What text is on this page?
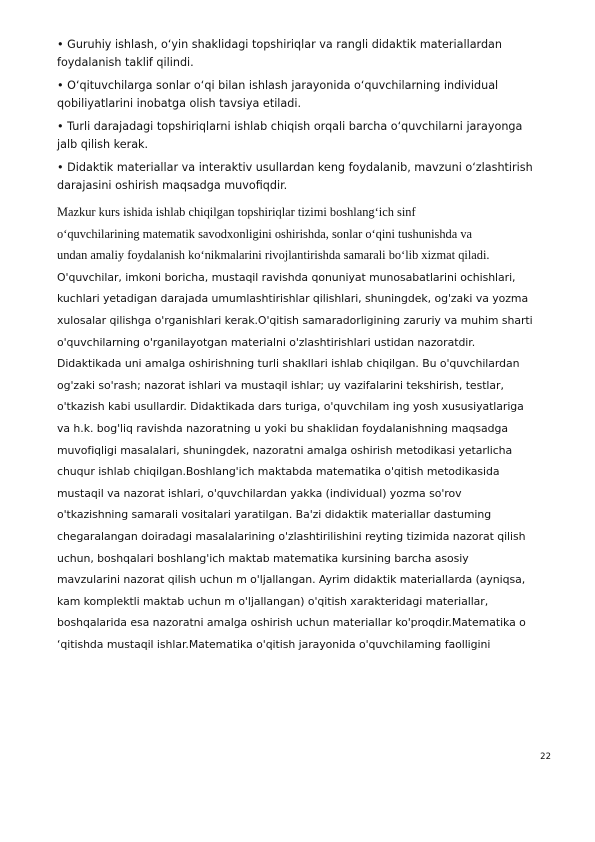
• Guruhiy ishlash, o‘yin shaklidagi topshiriqlar va rangli didaktik materiallardan
foydalanish taklif qilindi.

• O‘qituvchilarga sonlar o‘qi bilan ishlash jarayonida o‘quvchilarning individual
qobiliyatlarini inobatga olish tavsiya etiladi.

• Turli darajadagi topshiriqlarni ishlab chiqish orqali barcha o‘quvchilarni jarayonga
jalb qilish kerak.

• Didaktik materiallar va interaktiv usullardan keng foydalanib, mavzuni o‘zlashtirish
darajasini oshirish maqsadga muvofiqdir.

Mazkur kurs ishida ishlab chiqilgan topshiriqlar tizimi boshlang‘ich sinf
o‘quvchilarining matematik savodxonligini oshirishda, sonlar o‘qini tushunishda va
undan amaliy foydalanish ko‘nikmalarini rivojlantirishda samarali bo‘lib xizmat qiladi.

O'quvchilar, imkoni boricha, mustaqil ravishda qonuniyat munosabatlarini ochishlari,
kuchlari yetadigan darajada umumlashtirishlar qilishlari, shuningdek, og'zaki va yozma
xulosalar qilishga o'rganishlari kerak.O'qitish samaradorligining zaruriy va muhim sharti
o'quvchilarning o'rganilayotgan materialni o'zlashtirishlari ustidan nazoratdir.
Didaktikada uni amalga oshirishning turli shakllari ishlab chiqilgan. Bu o'quvchilardan
og'zaki so'rash; nazorat ishlari va mustaqil ishlar; uy vazifalarini tekshirish, testlar,
o'tkazish kabi usullardir. Didaktikada dars turiga, o'quvchilam ing yosh xususiyatlariga
va h.k. bog'liq ravishda nazoratning u yoki bu shaklidan foydalanishning maqsadga
muvofiqligi masalalari, shuningdek, nazoratni amalga oshirish metodikasi yetarlicha
chuqur ishlab chiqilgan.Boshlang'ich maktabda matematika o'qitish metodikasida
mustaqil va nazorat ishlari, o'quvchilardan yakka (individual) yozma so'rov
o'tkazishning samarali vositalari yaratilgan. Ba'zi didaktik materiallar dastuming
chegaralangan doiradagi masalalarining o'zlashtirilishini reyting tizimida nazorat qilish
uchun, boshqalari boshlang'ich maktab matematika kursining barcha asosiy
mavzularini nazorat qilish uchun m o'ljallangan. Ayrim didaktik materiallarda (ayniqsa,
kam komplektli maktab uchun m o'ljallangan) o'qitish xarakteridagi materiallar,
boshqalarida esa nazoratni amalga oshirish uchun materiallar ko'proqdir.Matematika o
‘qitishda mustaqil ishlar.Matematika o'qitish jarayonida o'quvchilaming faolligini

22
